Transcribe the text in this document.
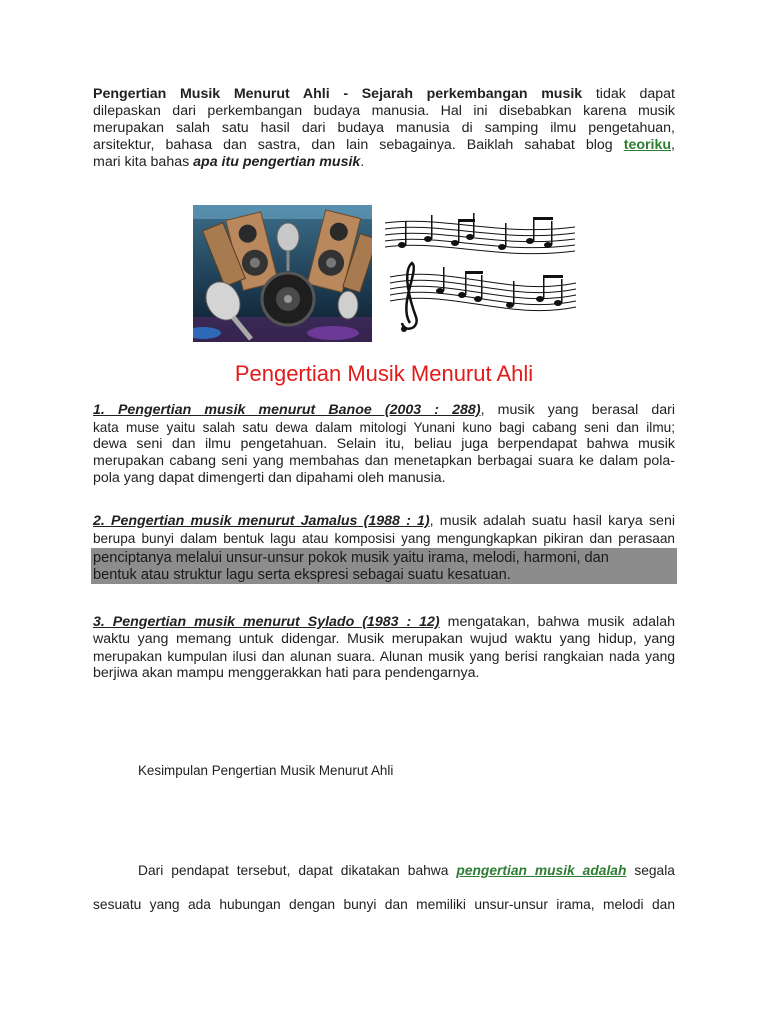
Pengertian Musik Menurut Ahli - Sejarah perkembangan musik tidak dapat
dilepaskan dari perkembangan budaya manusia. Hal ini disebabkan karena musik
merupakan salah satu hasil dari budaya manusia di samping ilmu pengetahuan,
arsitektur, bahasa dan sastra, dan lain sebagainya. Baiklah sahabat blog teoriku,
mari kita bahas apa itu pengertian musik.
Pengertian Musik Menurut Ahli
1. Pengertian musik menurut Banoe (2003 : 288), musik yang berasal dari
kata muse yaitu salah satu dewa dalam mitologi Yunani kuno bagi cabang seni dan ilmu;
dewa seni dan ilmu pengetahuan. Selain itu, beliau juga berpendapat bahwa musik
merupakan cabang seni yang membahas dan menetapkan berbagai suara ke dalam pola-
pola yang dapat dimengerti dan dipahami oleh manusia.
2. Pengertian musik menurut Jamalus (1988 : 1), musik adalah suatu hasil karya seni
berupa bunyi dalam bentuk lagu atau komposisi yang mengungkapkan pikiran dan perasaan
penciptanya melalui unsur-unsur pokok musik yaitu irama, melodi, harmoni, dan
bentuk atau struktur lagu serta ekspresi sebagai suatu kesatuan.
3. Pengertian musik menurut Sylado (1983 : 12) mengatakan, bahwa musik adalah
waktu yang memang untuk didengar. Musik merupakan wujud waktu yang hidup, yang
merupakan kumpulan ilusi dan alunan suara. Alunan musik yang berisi rangkaian nada yang
berjiwa akan mampu menggerakkan hati para pendengarnya.
Kesimpulan Pengertian Musik Menurut Ahli
Dari pendapat tersebut, dapat dikatakan bahwa pengertian musik adalah segala
sesuatu yang ada hubungan dengan bunyi dan memiliki unsur-unsur irama, melodi dan
